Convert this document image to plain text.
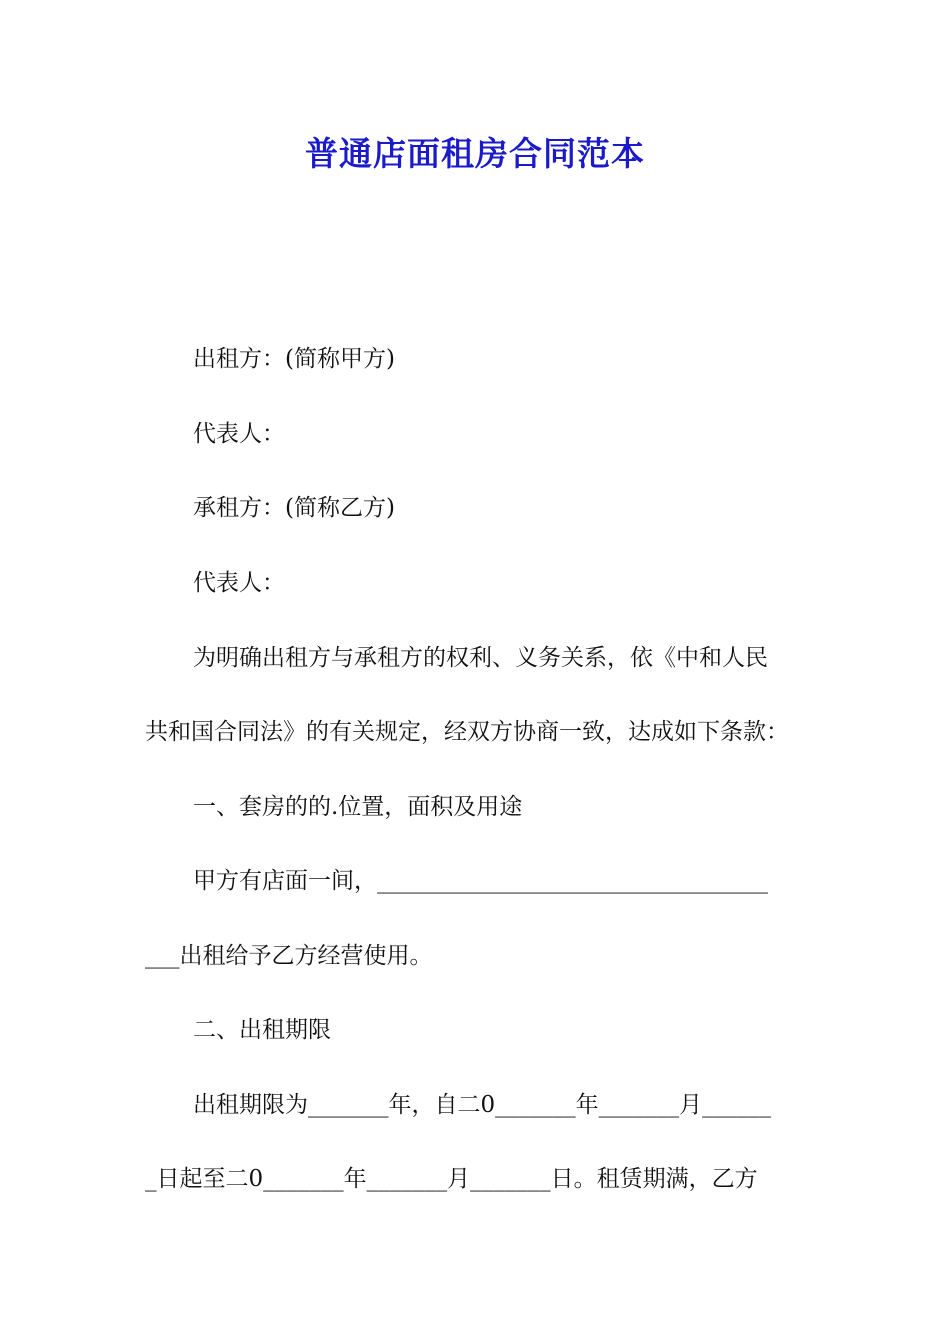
普通店面租房合同范本
出租方：(简称甲方)
代表人：
承租方：(简称乙方)
代表人：
为明确出租方与承租方的权利、义务关系，依《中和人民
共和国合同法》的有关规定，经双方协商一致，达成如下条款：
一、套房的的.位置，面积及用途
甲方有店面一间，__________________________________
___出租给予乙方经营使用。
二、出租期限
出租期限为_______年，自二0_______年_______月______
_日起至二0_______年_______月_______日。租赁期满，乙方
